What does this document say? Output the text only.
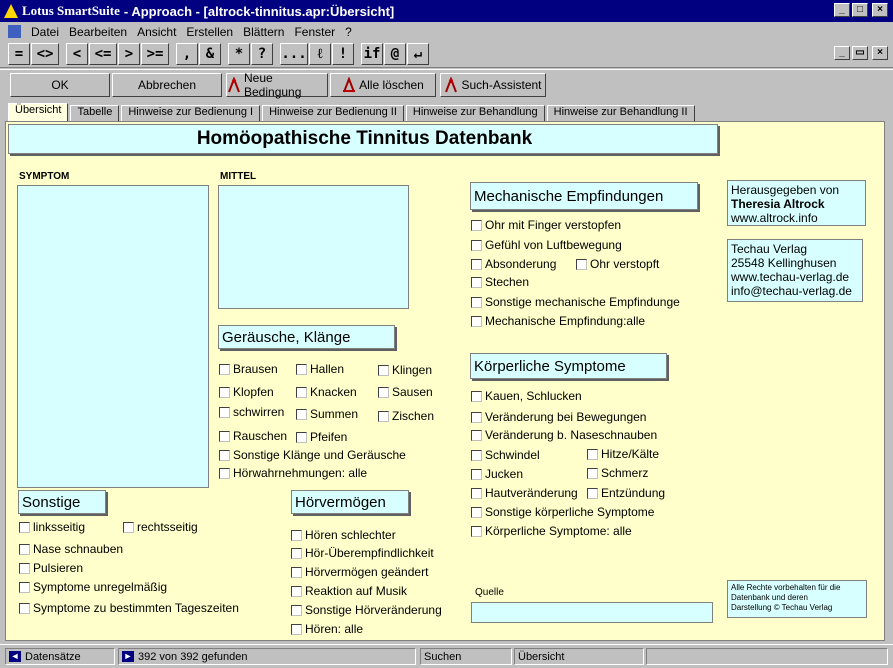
Lotus SmartSuite - Approach - [altrock-tinnitus.apr:Übersicht]	_	□	×
Datei Bearbeiten Ansicht Erstellen Blättern Fenster ?
_	▭	×
= <>	< <= > >=	,	&	*	?	... ℓ	!	if @	↵
OK	Abbrechen	Neue Bedingung	Alle löschen	Such-Assistent
Übersicht	Tabelle	Hinweise zur Bedienung I	Hinweise zur Bedienung II	Hinweise zur Behandlung	Hinweise zur Behandlung II
Homöopathische Tinnitus Datenbank
SYMPTOM	MITTEL
Geräusche, Klänge
Brausen	Hallen	Klingen
Klopfen	Knacken	Sausen
schwirren Summen	Zischen
Rauschen Pfeifen
Sonstige Klänge und Geräusche
Hörwahrnehmungen: alle
Sonstige
linksseitig	rechtsseitig
Nase schnauben
Pulsieren
Symptome unregelmäßig
Symptome zu bestimmten Tageszeiten
Hörvermögen
Hören schlechter
Hör-Überempfindlichkeit
Hörvermögen geändert
Reaktion auf Musik
Sonstige Hörveränderung
Hören: alle
Mechanische Empfindungen
Ohr mit Finger verstopfen
Gefühl von Luftbewegung
Absonderung	Ohr verstopft
Stechen
Sonstige mechanische Empfindunge
Mechanische Empfindung:alle
Körperliche Symptome
Kauen, Schlucken
Veränderung bei Bewegungen
Veränderung b. Naseschnauben
Schwindel	Hitze/Kälte
Jucken	Schmerz
Hautveränderung Entzündung
Sonstige körperliche Symptome
Körperliche Symptome: alle
Quelle
Herausgegeben von
Theresia Altrock
www.altrock.info
Techau Verlag
25548 Kellinghusen
www.techau-verlag.de
info@techau-verlag.de
Alle Rechte vorbehalten für die
Datenbank und deren
Darstellung © Techau Verlag
◄ Datensätze	► 392 von 392 gefunden	Suchen	Übersicht
